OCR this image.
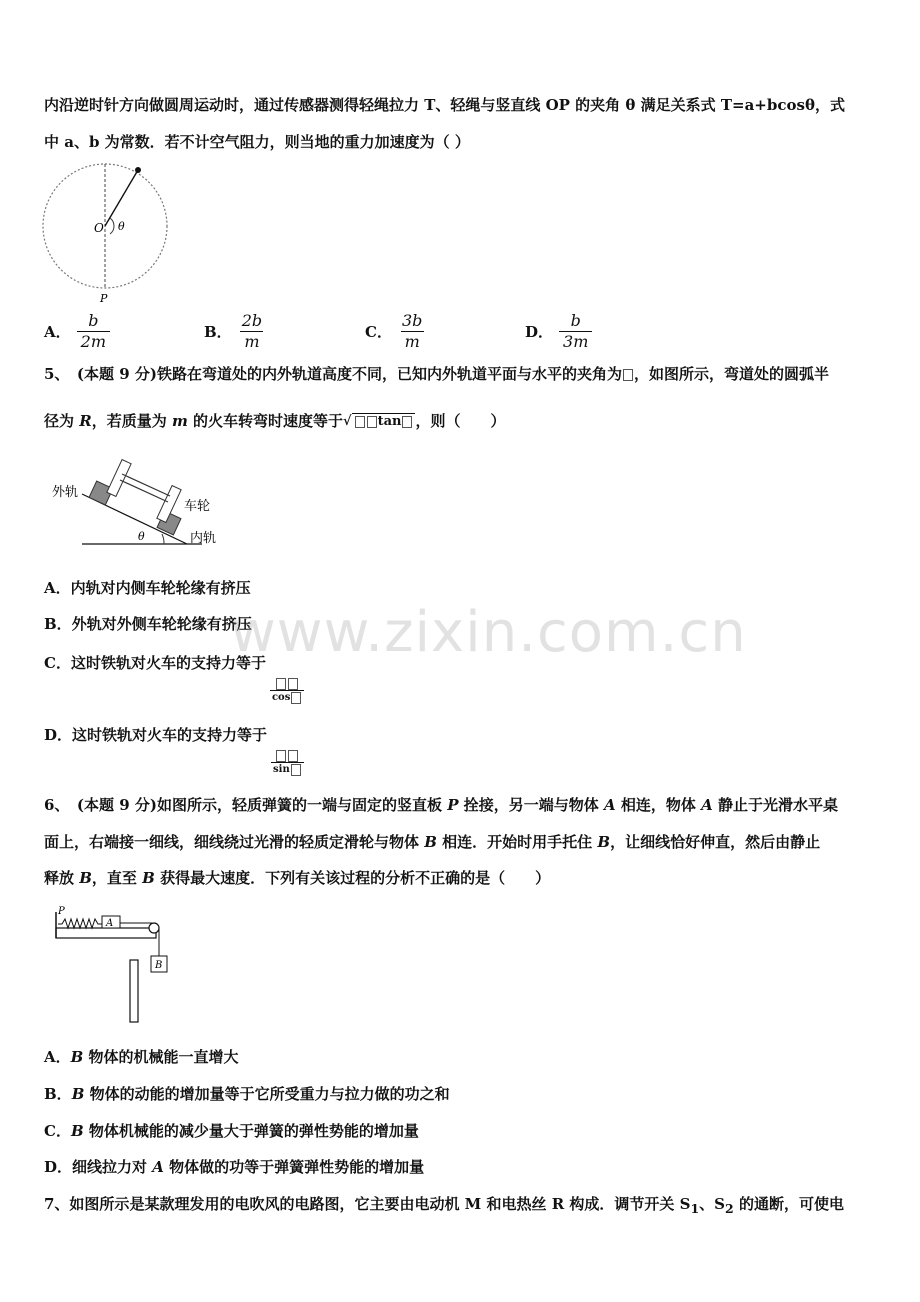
内沿逆时针方向做圆周运动时，通过传感器测得轻绳拉力 T、轻绳与竖直线 OP 的夹角 θ 满足关系式 T=a+bcosθ，式
中 a、b 为常数．若不计空气阻力，则当地的重力加速度为（ ）
O θ
P
A． $\frac{b}{2m}$	B． $\frac{2b}{m}$	C． $\frac{3b}{m}$	D． $\frac{b}{3m}$
5、　(本题 9 分)铁路在弯道处的内外轨道高度不同，已知内外轨道平面与水平的夹角为 ，如图所示，弯道处的圆弧半
径为 R，若质量为 m 的火车转弯时速度等于√ tan ，则（　　）
外轨
车轮
内轨
θ
A．内轨对内侧车轮轮缘有挤压
B．外轨对外侧车轮轮缘有挤压
C．这时铁轨对火车的支持力等于
cos
D．这时铁轨对火车的支持力等于
sin
6、　(本题 9 分)如图所示，轻质弹簧的一端与固定的竖直板 P 拴接，另一端与物体 A 相连，物体 A 静止于光滑水平桌
面上，右端接一细线，细线绕过光滑的轻质定滑轮与物体 B 相连．开始时用手托住 B，让细线恰好伸直，然后由静止
释放 B，直至 B 获得最大速度．下列有关该过程的分析不正确的是（　　）
P
A
B
A．B 物体的机械能一直增大
B．B 物体的动能的增加量等于它所受重力与拉力做的功之和
C．B 物体机械能的减少量大于弹簧的弹性势能的增加量
D．细线拉力对 A 物体做的功等于弹簧弹性势能的增加量
7、如图所示是某款理发用的电吹风的电路图，它主要由电动机 M 和电热丝 R 构成．调节开关 $S_1$、$S_2$ 的通断，可使电
www.zixin.com.cn
